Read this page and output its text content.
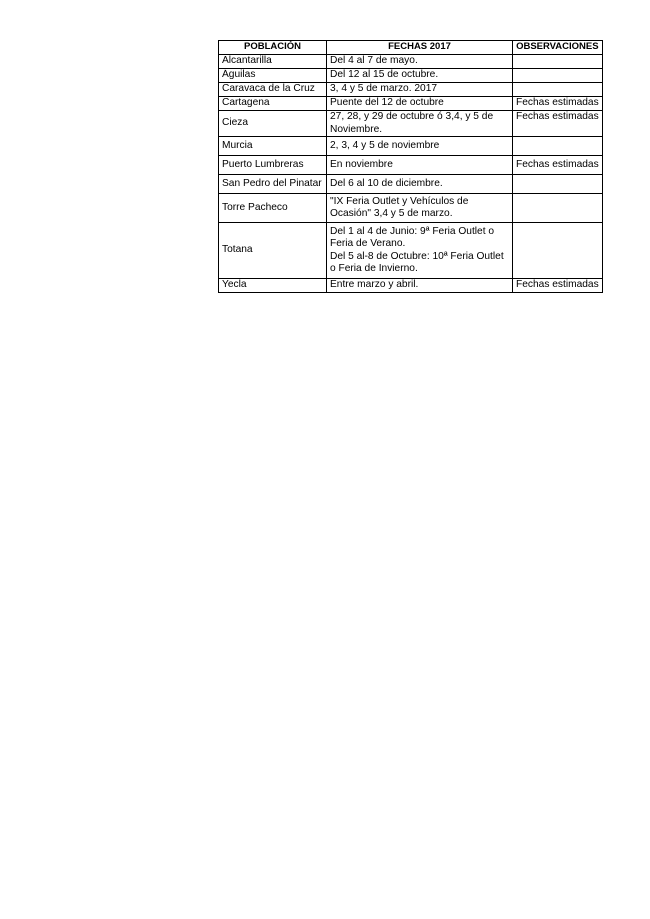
POBLACIÓN	FECHAS 2017	OBSERVACIONES
Alcantarilla	Del 4 al 7 de mayo.	

Águilas	Del 12 al 15 de octubre.	

Caravaca de la Cruz	3, 4 y 5 de marzo. 2017	

Cartagena	Puente del 12 de octubre	Fechas estimadas
Cieza	27, 28, y 29 de octubre ó 3,4, y 5 de Noviembre.	Fechas estimadas
Murcia	2, 3, 4 y 5 de noviembre	

Puerto Lumbreras	En noviembre	Fechas estimadas
San Pedro del Pinatar	Del 6 al 10 de diciembre.	

Torre Pacheco	"IX Feria Outlet y Vehículos de Ocasión" 3,4 y 5 de marzo.	

Totana	Del 1 al 4 de Junio: 9ª Feria Outlet o Feria de Verano.
Del 5 al-8 de Octubre: 10ª Feria Outlet o Feria de Invierno.	

Yecla	Entre marzo y abril.	Fechas estimadas
